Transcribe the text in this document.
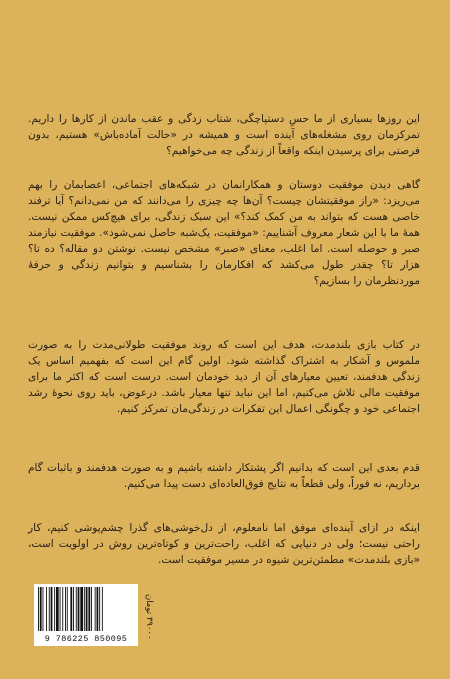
این روزها بسیاری از ما حسِ دستپاچگی، شتاب زدگی و عقب ماندن از کارها را داریم. تمرکزمان روی مشغله‌های آینده است و همیشه در «حالت آماده‌باش» هستیم، بدون فرصتی برای پرسیدن اینکه واقعاً از زندگی چه می‌خواهیم؟

گاهی دیدن موفقیت دوستان و همکارانمان در شبکه‌های اجتماعی، اعصابمان را بهم می‌ریزد: «راز موفقیتشان چیست؟ آن‌ها چه چیزی را می‌دانند که من نمی‌دانم؟ آیا ترفند خاصی هست که بتواند به من کمک کند؟» این سبک زندگی، برای هیچ‌کس ممکن نیست. همهٔ ما با این شعار معروف آشناییم: «موفقیت، یک‌شبه حاصل نمی‌شود». موفقیت نیازمند صبر و حوصله است. اما اغلب، معنای «صبر» مشخص نیست. نوشتن دو مقاله؟ ده تا؟ هزار تا؟ چقدر طول می‌کشد که افکارمان را بشناسیم و بتوانیم زندگی و حرفهٔ موردنظرمان را بسازیم؟

در کتاب بازی بلندمدت، هدف این است که روند موفقیت طولانی‌مدت را به صورت ملموس و آشکار به اشتراک گذاشته شود. اولین گام این است که بفهمیم اساس یک زندگی هدفمند، تعیین معیارهای آن از دید خودمان است. درست است که اکثر ما برای موفقیت مالی تلاش می‌کنیم، اما این نباید تنها معیار باشد. درعوض، باید روی نحوهٔ رشد اجتماعی خود و چگونگی اعمال این تفکرات در زندگی‌مان تمرکز کنیم.

قدم بعدی این است که بدانیم اگر پشتکار داشته باشیم و به صورت هدفمند و باثبات گام برداریم، نه فوراً، ولی قطعاً به نتایج فوق‌العاده‌ای دست پیدا می‌کنیم.

اینکه در ازای آینده‌ای موفق اما نامعلوم، از دل‌خوشی‌های گذرا چشم‌پوشی کنیم، کار راحتی نیست؛ ولی در دنیایی که اغلب، راحت‌ترین و کوتاه‌ترین روش در اولویت است، «بازی بلندمدت» مطمئن‌ترین شیوه در مسیر موفقیت است.

9 786225 850095
۳۹۰۰۰ تومان
